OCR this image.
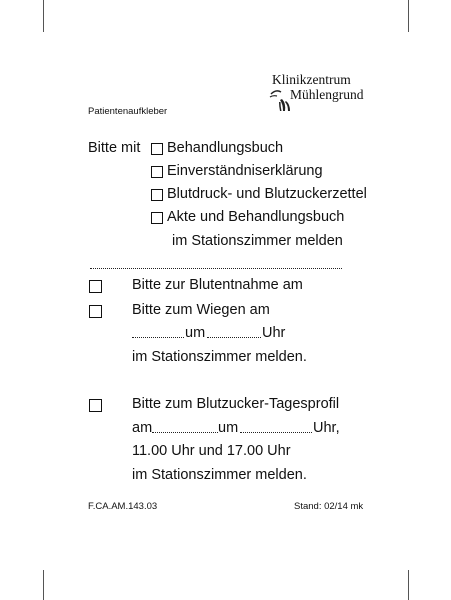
Klinikzentrum
Mühlengrund
Patientenaufkleber
Bitte mit Behandlungsbuch
Einverständniserklärung
Blutdruck- und Blutzuckerzettel
Akte und Behandlungsbuch
im Stationszimmer melden
Bitte zur Blutentnahme am
Bitte zum Wiegen am
um	Uhr
im Stationszimmer melden.
Bitte zum Blutzucker-Tagesprofil
am	um	Uhr,
11.00 Uhr und 17.00 Uhr
im Stationszimmer melden.
F.CA.AM.143.03	Stand: 02/14 mk
